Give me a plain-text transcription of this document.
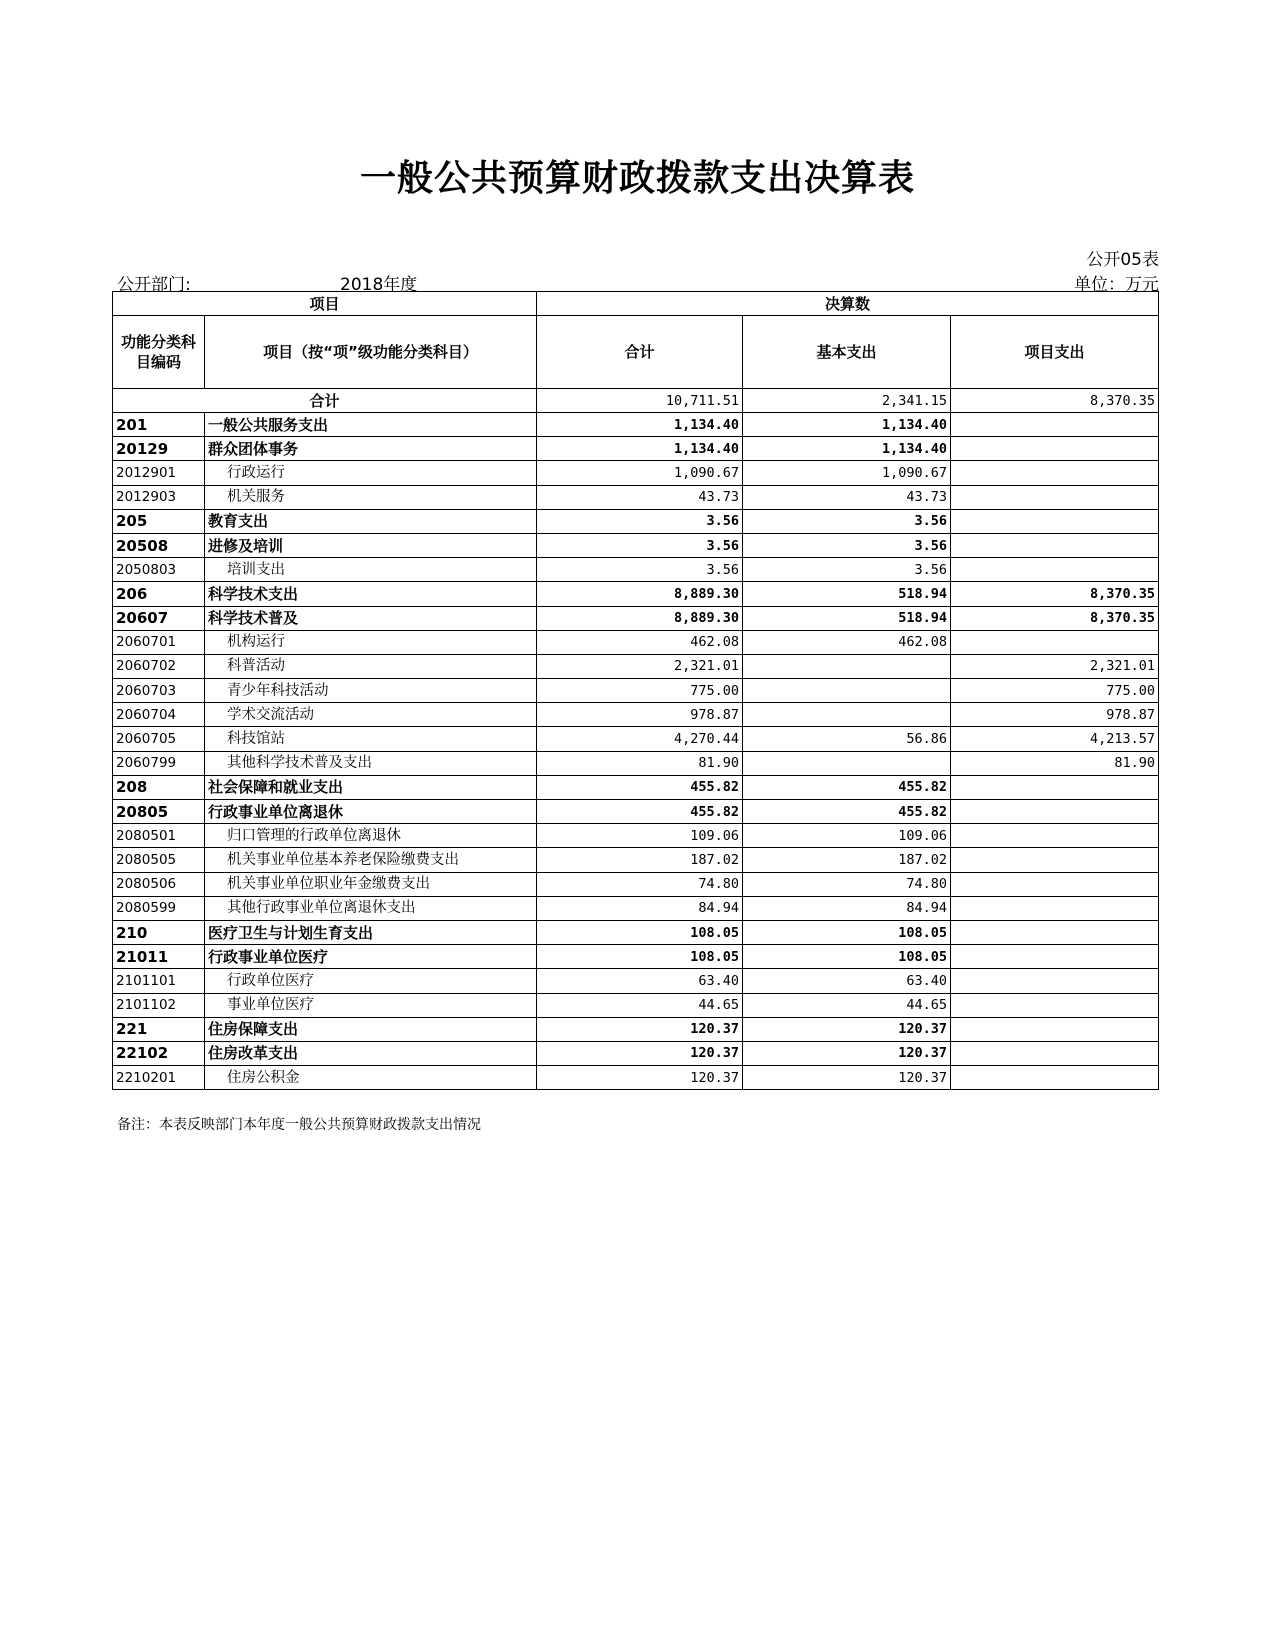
一般公共预算财政拨款支出决算表
公开05表
公开部门:	2018年度	单位：万元
项目		决算数		
功能分类科目编码	项目（按“项”级功能分类科目）	合计	基本支出	项目支出
合计		10,711.51	2,341.15	8,370.35
201	一般公共服务支出	1,134.40	1,134.40	
20129	群众团体事务	1,134.40	1,134.40	
2012901	行政运行	1,090.67	1,090.67	
2012903	机关服务	43.73	43.73	
205	教育支出	3.56	3.56	
20508	进修及培训	3.56	3.56	
2050803	培训支出	3.56	3.56	
206	科学技术支出	8,889.30	518.94	8,370.35
20607	科学技术普及	8,889.30	518.94	8,370.35
2060701	机构运行	462.08	462.08	
2060702	科普活动	2,321.01		2,321.01
2060703	青少年科技活动	775.00		775.00
2060704	学术交流活动	978.87		978.87
2060705	科技馆站	4,270.44	56.86	4,213.57
2060799	其他科学技术普及支出	81.90		81.90
208	社会保障和就业支出	455.82	455.82	
20805	行政事业单位离退休	455.82	455.82	
2080501	归口管理的行政单位离退休	109.06	109.06	
2080505	机关事业单位基本养老保险缴费支出	187.02	187.02	
2080506	机关事业单位职业年金缴费支出	74.80	74.80	
2080599	其他行政事业单位离退休支出	84.94	84.94	
210	医疗卫生与计划生育支出	108.05	108.05	
21011	行政事业单位医疗	108.05	108.05	
2101101	行政单位医疗	63.40	63.40	
2101102	事业单位医疗	44.65	44.65	
221	住房保障支出	120.37	120.37	
22102	住房改革支出	120.37	120.37	
2210201	住房公积金	120.37	120.37	
备注：本表反映部门本年度一般公共预算财政拨款支出情况
